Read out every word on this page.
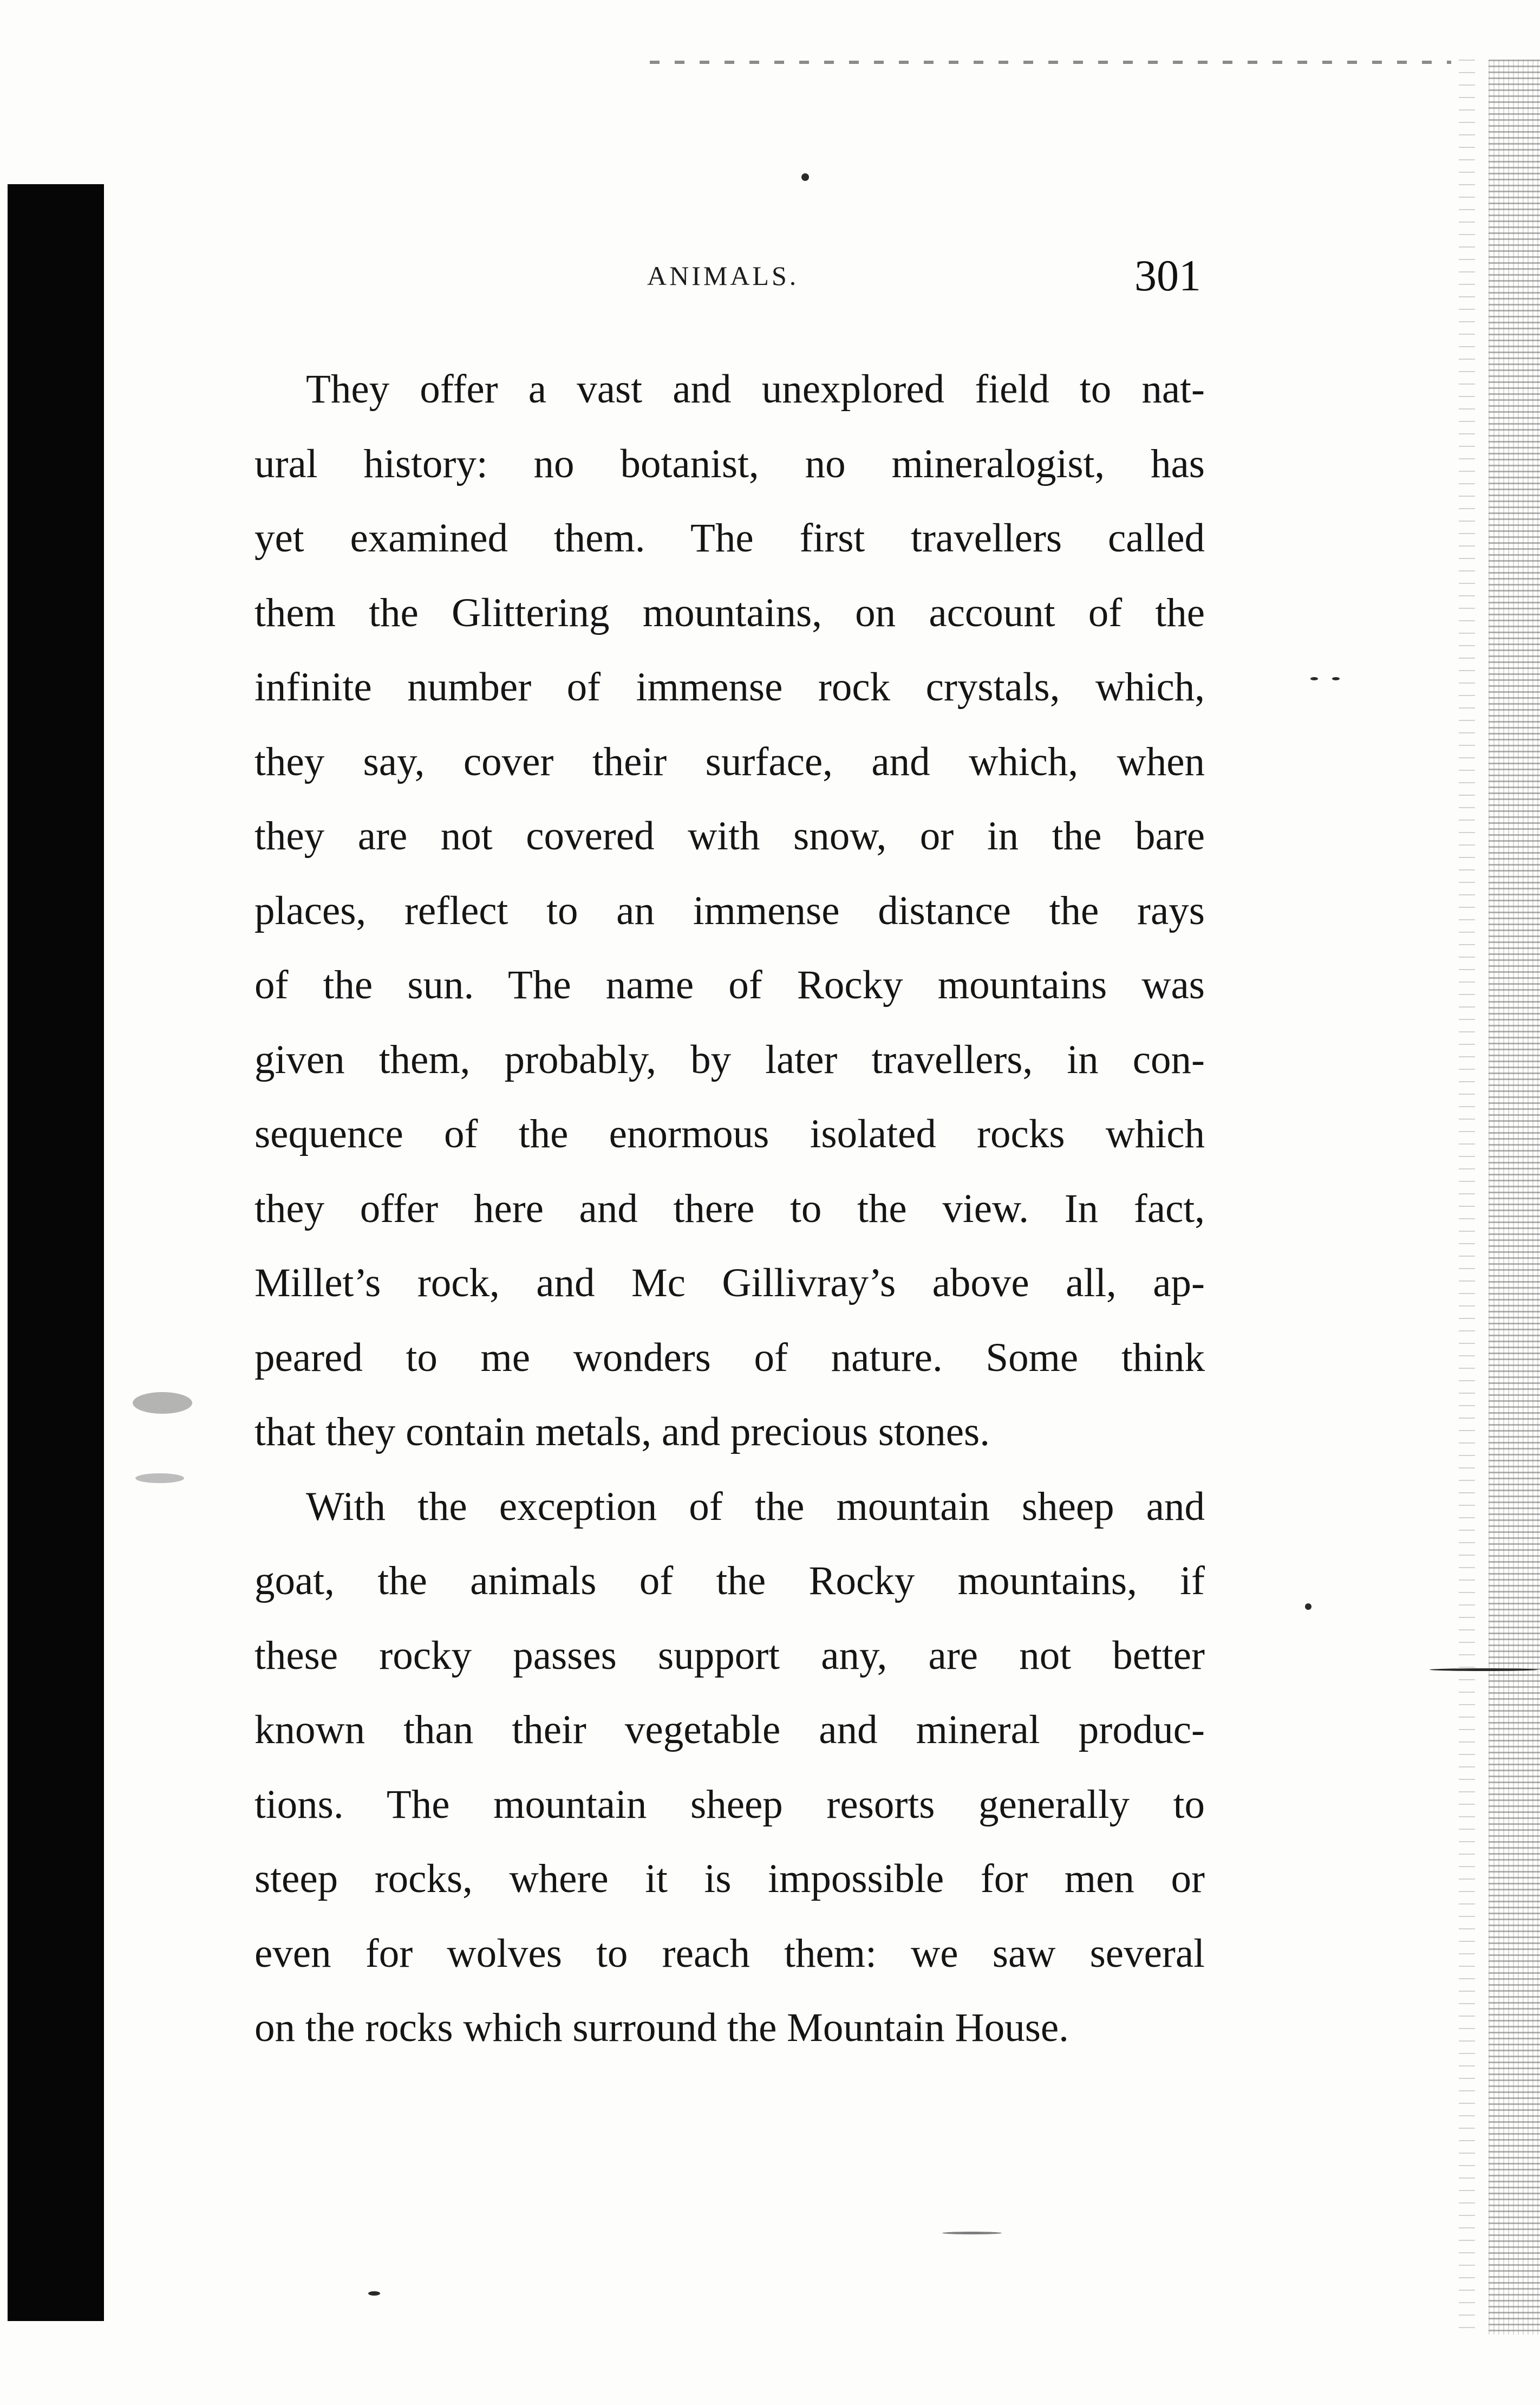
ANIMALS.	301
They offer a vast and unexplored field to nat-
ural history: no botanist, no mineralogist, has
yet examined them. The first travellers called
them the Glittering mountains, on account of the
infinite number of immense rock crystals, which,
they say, cover their surface, and which, when
they are not covered with snow, or in the bare
places, reflect to an immense distance the rays
of the sun. The name of Rocky mountains was
given them, probably, by later travellers, in con-
sequence of the enormous isolated rocks which
they offer here and there to the view. In fact,
Millet’s rock, and Mc Gillivray’s above all, ap-
peared to me wonders of nature. Some think
that they contain metals, and precious stones.
With the exception of the mountain sheep and
goat, the animals of the Rocky mountains, if
these rocky passes support any, are not better
known than their vegetable and mineral produc-
tions. The mountain sheep resorts generally to
steep rocks, where it is impossible for men or
even for wolves to reach them: we saw several
on the rocks which surround the Mountain House.
